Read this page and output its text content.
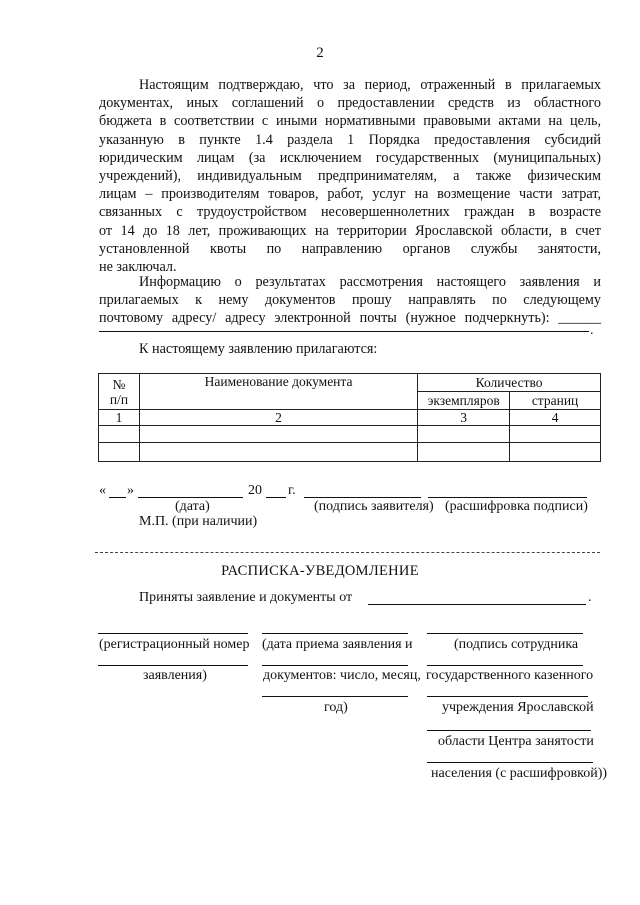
2
Настоящим подтверждаю, что за период, отраженный в прилагаемых
документах, иных соглашений о предоставлении средств из областного
бюджета в соответствии с иными нормативными правовыми актами на цель,
указанную в пункте 1.4 раздела 1 Порядка предоставления субсидий
юридическим лицам (за исключением государственных (муниципальных)
учреждений), индивидуальным предпринимателям, а также физическим
лицам – производителям товаров, работ, услуг на возмещение части затрат,
связанных с трудоустройством несовершеннолетних граждан в возрасте
от 14 до 18 лет, проживающих на территории Ярославской области, в счет
установленной квоты по направлению органов службы занятости,
не заключал.
Информацию о результатах рассмотрения настоящего заявления и
прилагаемых к нему документов прошу направлять по следующему
почтовому адресу/ адресу электронной почты (нужное подчеркнуть): ______
.
К настоящему заявлению прилагаются:
№
п/п	Наименование документа	Количество	
		экземпляров	страниц
1	2	3	4

« »	20 г.
(дата)	(подпись заявителя) (расшифровка подписи)
М.П. (при наличии)
РАСПИСКА-УВЕДОМЛЕНИЕ
Приняты заявление и документы от	.
(регистрационный номер
заявления)
(дата приема заявления и
документов: число, месяц,
год)
(подпись сотрудника
государственного казенного
учреждения Ярославской
области Центра занятости
населения (с расшифровкой))
